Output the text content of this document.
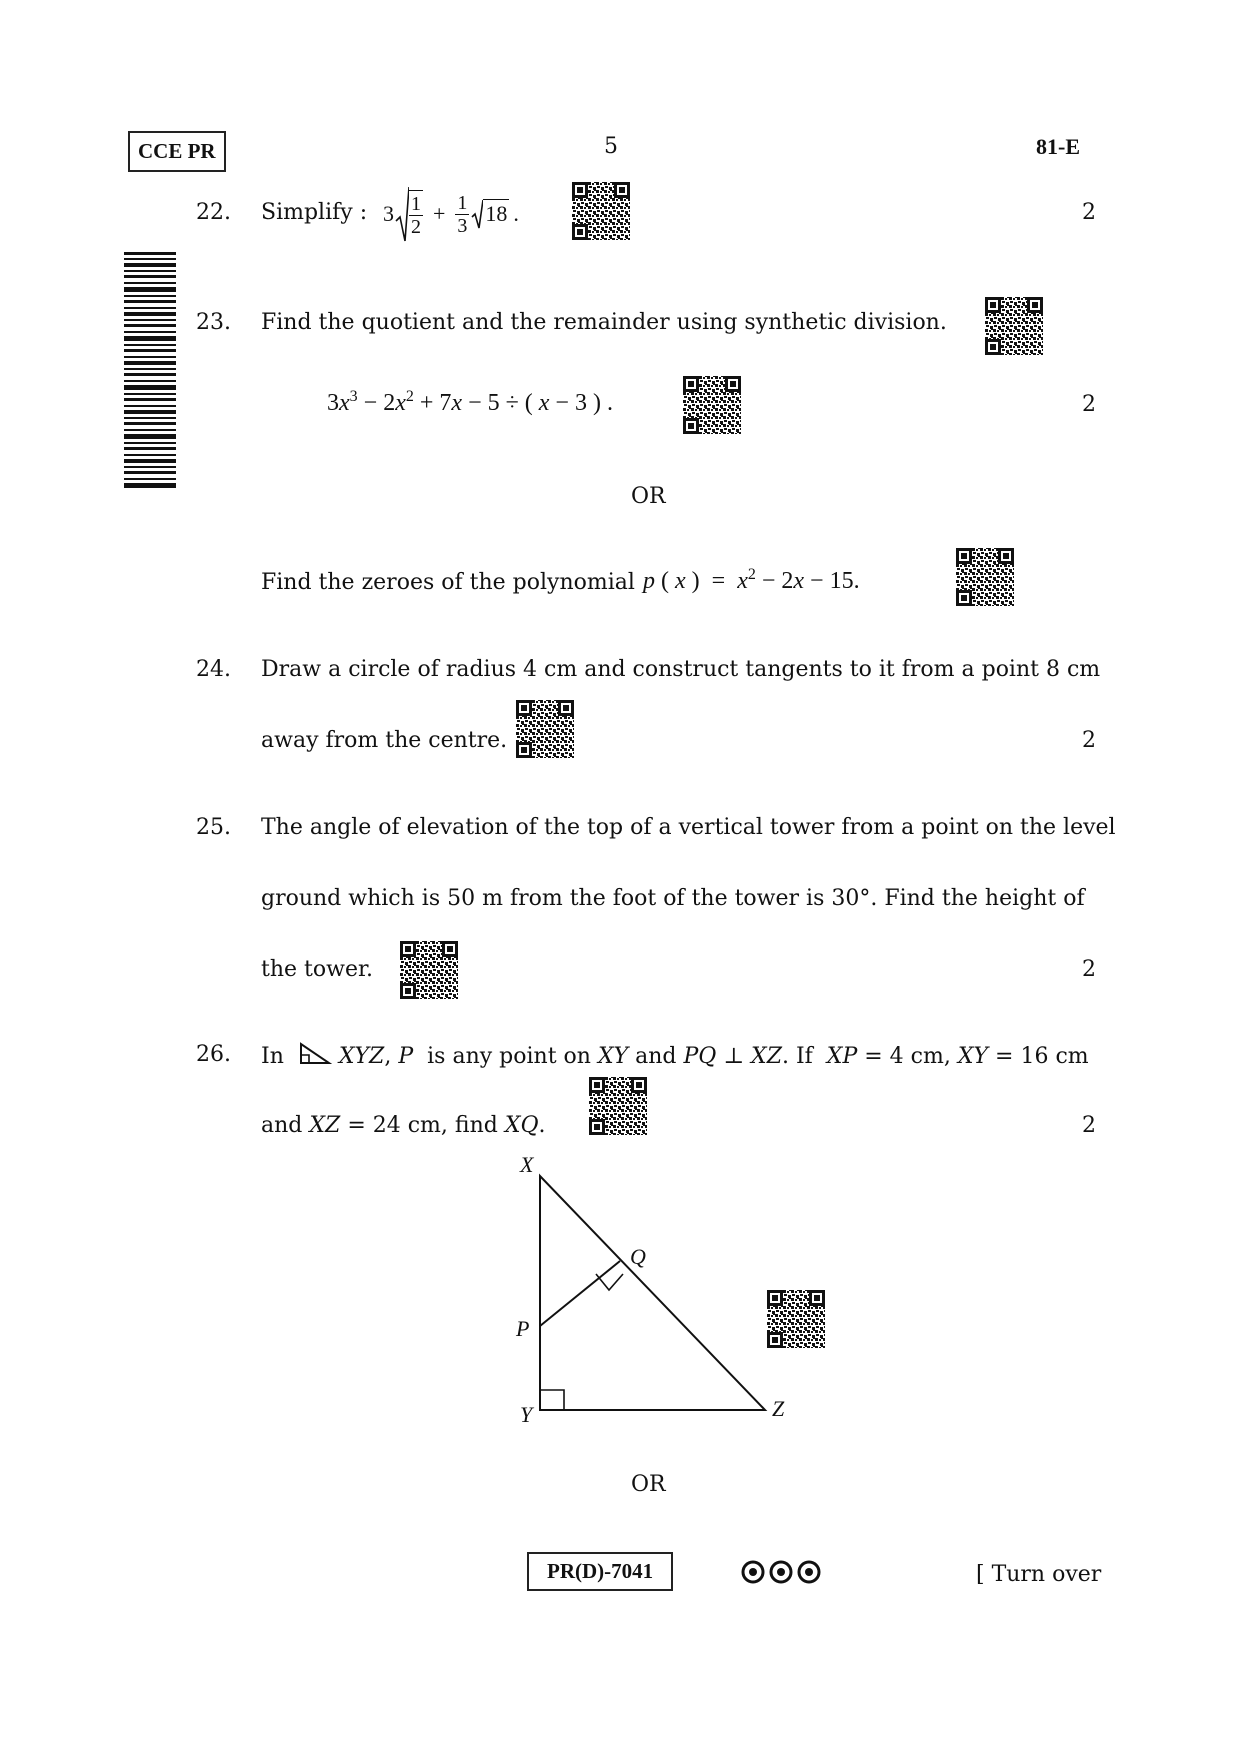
CCE PR	5	81-E
22. Simplify : $3 \frac{1}{2} + \frac{1}{3} 18$ .	2
23. Find the quotient and the remainder using synthetic division.
$3x^3 - 2x^2 + 7x - 5$ ÷ ( x − 3 ) .	2
OR
Find the zeroes of the polynomial p ( x )  =  $x^2 - 2x - 15$.
24. Draw a circle of radius 4 cm and construct tangents to it from a point 8 cm
away from the centre.	2
25. The angle of elevation of the top of a vertical tower from a point on the level
ground which is 50 m from the foot of the tower is 30°. Find the height of
the tower.	2
26. In   XYZ, P  is any point on XY and PQ ⊥ XZ. If  XP = 4 cm, XY = 16 cm
and XZ = 24 cm, find XQ.	2
X
Q
P
Y	Z
OR
PR(D)-7041	[ Turn over
